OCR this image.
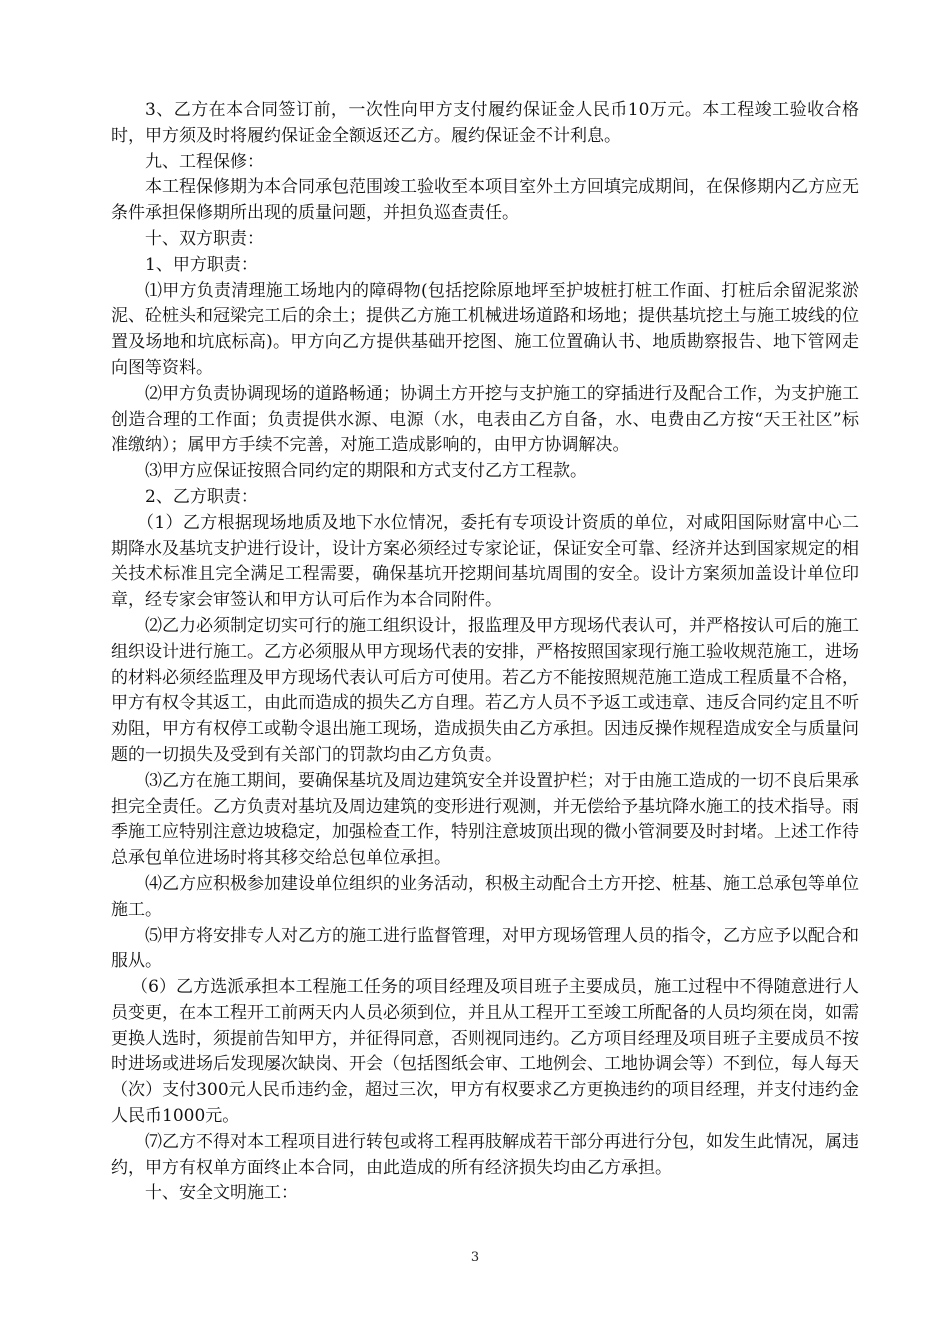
3、乙方在本合同签订前，一次性向甲方支付履约保证金人民币10万元。本工程竣工验收合格时，甲方须及时将履约保证金全额返还乙方。履约保证金不计利息。

九、工程保修：

本工程保修期为本合同承包范围竣工验收至本项目室外土方回填完成期间，在保修期内乙方应无条件承担保修期所出现的质量问题，并担负巡查责任。

十、双方职责：

1、甲方职责：

⑴甲方负责清理施工场地内的障碍物(包括挖除原地坪至护坡桩打桩工作面、打桩后余留泥浆淤泥、砼桩头和冠梁完工后的余土；提供乙方施工机械进场道路和场地；提供基坑挖土与施工坡线的位置及场地和坑底标高)。甲方向乙方提供基础开挖图、施工位置确认书、地质勘察报告、地下管网走向图等资料。

⑵甲方负责协调现场的道路畅通；协调土方开挖与支护施工的穿插进行及配合工作，为支护施工创造合理的工作面；负责提供水源、电源（水，电表由乙方自备，水、电费由乙方按“天王社区”标准缴纳）；属甲方手续不完善，对施工造成影响的，由甲方协调解决。

⑶甲方应保证按照合同约定的期限和方式支付乙方工程款。

2、乙方职责：

（1）乙方根据现场地质及地下水位情况，委托有专项设计资质的单位，对咸阳国际财富中心二期降水及基坑支护进行设计，设计方案必须经过专家论证，保证安全可靠、经济并达到国家规定的相关技术标准且完全满足工程需要，确保基坑开挖期间基坑周围的安全。设计方案须加盖设计单位印章，经专家会审签认和甲方认可后作为本合同附件。

⑵乙力必须制定切实可行的施工组织设计，报监理及甲方现场代表认可，并严格按认可后的施工组织设计进行施工。乙方必须服从甲方现场代表的安排，严格按照国家现行施工验收规范施工，进场的材料必须经监理及甲方现场代表认可后方可使用。若乙方不能按照规范施工造成工程质量不合格，甲方有权令其返工，由此而造成的损失乙方自理。若乙方人员不予返工或违章、违反合同约定且不听劝阻，甲方有权停工或勒令退出施工现场，造成损失由乙方承担。因违反操作规程造成安全与质量问题的一切损失及受到有关部门的罚款均由乙方负责。

⑶乙方在施工期间，要确保基坑及周边建筑安全并设置护栏；对于由施工造成的一切不良后果承担完全责任。乙方负责对基坑及周边建筑的变形进行观测，并无偿给予基坑降水施工的技术指导。雨季施工应特别注意边坡稳定，加强检查工作，特别注意坡顶出现的微小管洞要及时封堵。上述工作待总承包单位进场时将其移交给总包单位承担。

⑷乙方应积极参加建设单位组织的业务活动，积极主动配合土方开挖、桩基、施工总承包等单位施工。

⑸甲方将安排专人对乙方的施工进行监督管理，对甲方现场管理人员的指令，乙方应予以配合和服从。

（6）乙方选派承担本工程施工任务的项目经理及项目班子主要成员，施工过程中不得随意进行人员变更，在本工程开工前两天内人员必须到位，并且从工程开工至竣工所配备的人员均须在岗，如需更换人选时，须提前告知甲方，并征得同意，否则视同违约。乙方项目经理及项目班子主要成员不按时进场或进场后发现屡次缺岗、开会（包括图纸会审、工地例会、工地协调会等）不到位，每人每天（次）支付300元人民币违约金，超过三次，甲方有权要求乙方更换违约的项目经理，并支付违约金人民币1000元。

⑺乙方不得对本工程项目进行转包或将工程再肢解成若干部分再进行分包，如发生此情况，属违约，甲方有权单方面终止本合同，由此造成的所有经济损失均由乙方承担。

十、安全文明施工：

3
